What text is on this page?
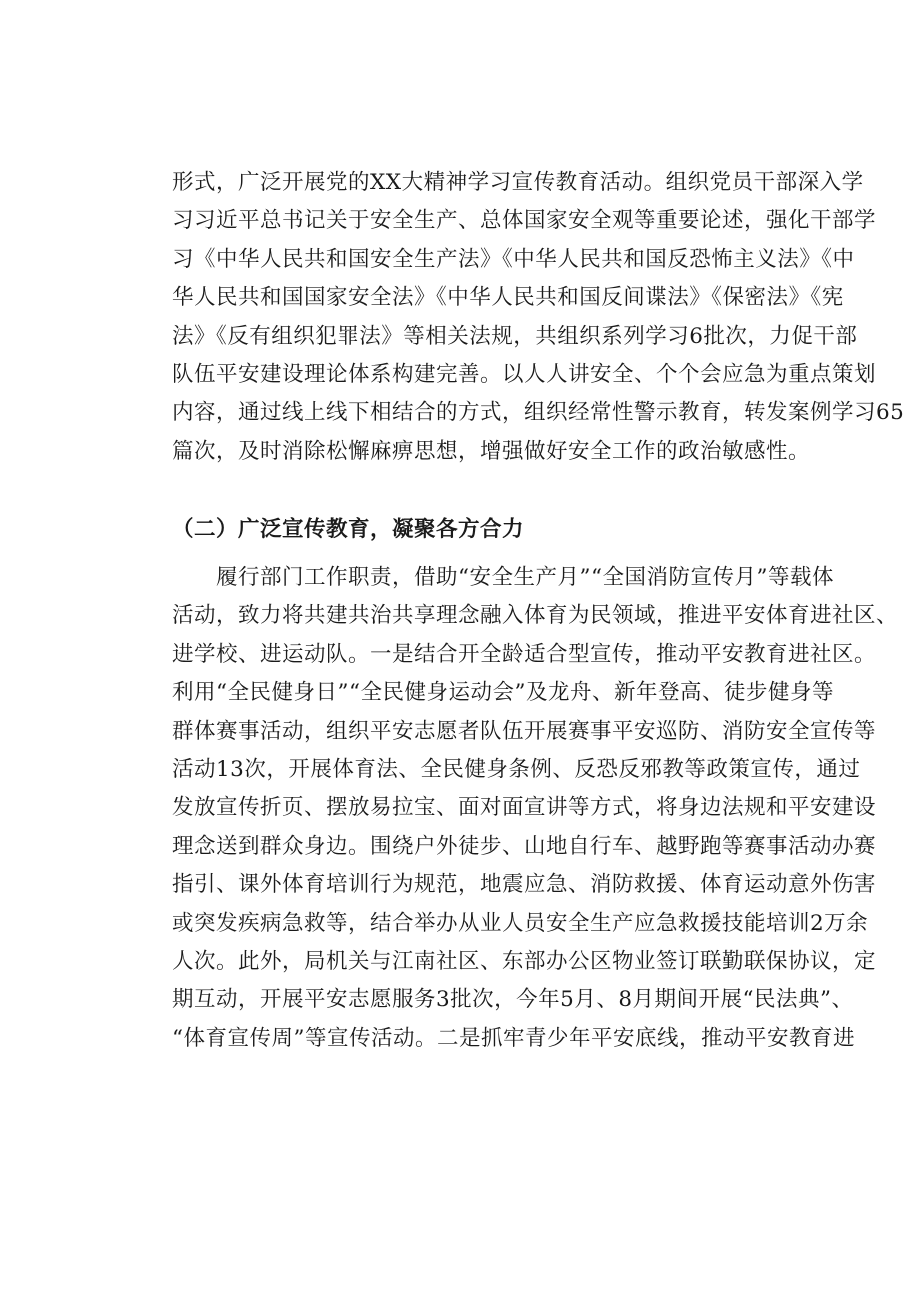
形式，广泛开展党的XX大精神学习宣传教育活动。组织党员干部深入学
习习近平总书记关于安全生产、总体国家安全观等重要论述，强化干部学
习《中华人民共和国安全生产法》《中华人民共和国反恐怖主义法》《中
华人民共和国国家安全法》《中华人民共和国反间谍法》《保密法》《宪
法》《反有组织犯罪法》等相关法规，共组织系列学习6批次，力促干部
队伍平安建设理论体系构建完善。以人人讲安全、个个会应急为重点策划
内容，通过线上线下相结合的方式，组织经常性警示教育，转发案例学习65
篇次，及时消除松懈麻痹思想，增强做好安全工作的政治敏感性。
（二）广泛宣传教育，凝聚各方合力
　　履行部门工作职责，借助“安全生产月”“全国消防宣传月”等载体
活动，致力将共建共治共享理念融入体育为民领域，推进平安体育进社区、
进学校、进运动队。一是结合开全龄适合型宣传，推动平安教育进社区。
利用“全民健身日”“全民健身运动会”及龙舟、新年登高、徒步健身等
群体赛事活动，组织平安志愿者队伍开展赛事平安巡防、消防安全宣传等
活动13次，开展体育法、全民健身条例、反恐反邪教等政策宣传，通过
发放宣传折页、摆放易拉宝、面对面宣讲等方式，将身边法规和平安建设
理念送到群众身边。围绕户外徒步、山地自行车、越野跑等赛事活动办赛
指引、课外体育培训行为规范，地震应急、消防救援、体育运动意外伤害
或突发疾病急救等，结合举办从业人员安全生产应急救援技能培训2万余
人次。此外，局机关与江南社区、东部办公区物业签订联勤联保协议，定
期互动，开展平安志愿服务3批次，今年5月、8月期间开展“民法典”、
“体育宣传周”等宣传活动。二是抓牢青少年平安底线，推动平安教育进
